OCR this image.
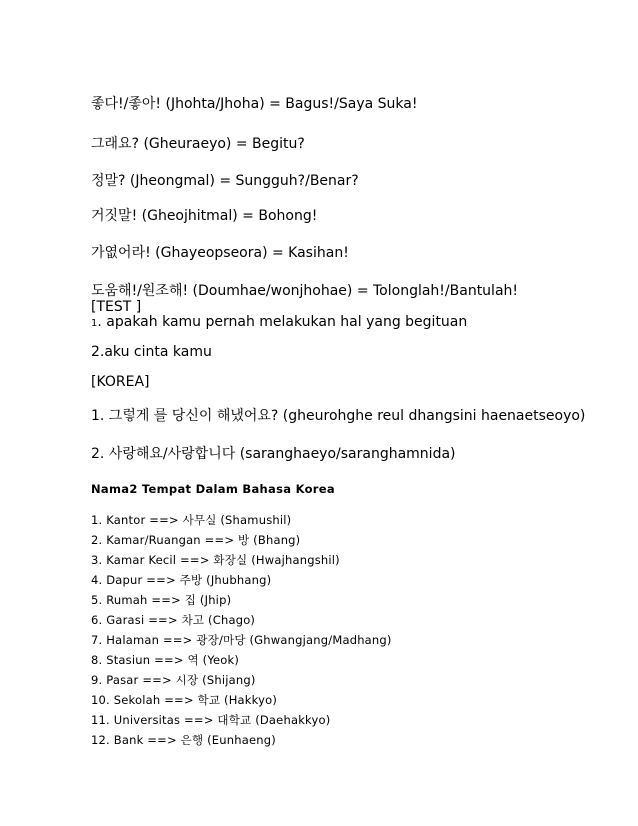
좋다!/좋아! (Jhohta/Jhoha) = Bagus!/Saya Suka!
그래요? (Gheuraeyo) = Begitu?
정말? (Jheongmal) = Sungguh?/Benar?
거짓말! (Gheojhitmal) = Bohong!
가엾어라! (Ghayeopseora) = Kasihan!
도움해!/원조해! (Doumhae/wonjhohae) = Tolonglah!/Bantulah!
[TEST ]
1. apakah kamu pernah melakukan hal yang begituan
2.aku cinta kamu
[KOREA]
1. 그렇게 를 당신이 해냈어요? (gheurohghe reul dhangsini haenaetseoyo)
2. 사랑해요/사랑합니다 (saranghaeyo/saranghamnida)
Nama2 Tempat Dalam Bahasa Korea
1. Kantor ==> 사무실 (Shamushil)
2. Kamar/Ruangan ==> 방 (Bhang)
3. Kamar Kecil ==> 화장실 (Hwajhangshil)
4. Dapur ==> 주방 (Jhubhang)
5. Rumah ==> 집 (Jhip)
6. Garasi ==> 차고 (Chago)
7. Halaman ==> 광장/마당 (Ghwangjang/Madhang)
8. Stasiun ==> 역 (Yeok)
9. Pasar ==> 시장 (Shijang)
10. Sekolah ==> 학교 (Hakkyo)
11. Universitas ==> 대학교 (Daehakkyo)
12. Bank ==> 은행 (Eunhaeng)
